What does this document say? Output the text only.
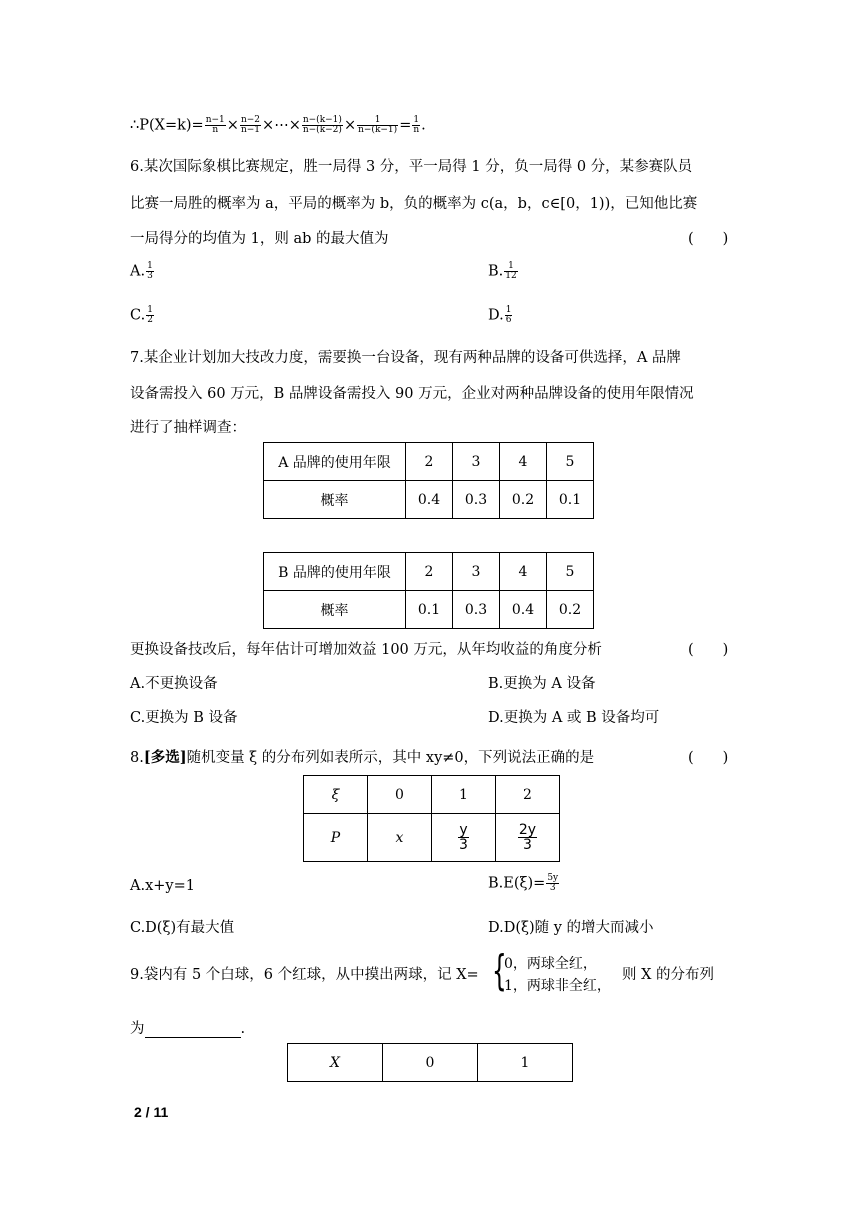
∴P(X=k)= $\frac{n-1}{n} \times \frac{n-2}{n-1}$ ×⋯× $\frac{n-(k-1)}{n-(k-2)} \times \frac{1}{n-(k-1)} = \frac{1}{n}$ .
6.某次国际象棋比赛规定，胜一局得 3 分，平一局得 1 分，负一局得 0 分，某参赛队员
比赛一局胜的概率为 a，平局的概率为 b，负的概率为 c(a，b，c∈[0，1))，已知他比赛
一局得分的均值为 1，则 ab 的最大值为	(　　)
A. $\frac{1}{3}$	B. $\frac{1}{12}$
C. $\frac{1}{2}$	D. $\frac{1}{6}$
7.某企业计划加大技改力度，需要换一台设备，现有两种品牌的设备可供选择，A 品牌
设备需投入 60 万元，B 品牌设备需投入 90 万元，企业对两种品牌设备的使用年限情况
进行了抽样调查：
A 品牌的使用年限	2	3	4	5
概率	0.4	0.3	0.2	0.1
B 品牌的使用年限	2	3	4	5
概率	0.1	0.3	0.4	0.2
更换设备技改后，每年估计可增加效益 100 万元，从年均收益的角度分析	(　　)
A.不更换设备	B.更换为 A 设备
C.更换为 B 设备	D.更换为 A 或 B 设备均可
8.[多选]随机变量 ξ 的分布列如表所示，其中 xy≠0，下列说法正确的是	(　　)
ξ	0	1	2
P	x	$\frac{y}{3}$	$\frac{2y}{3}$
A.x+y=1	$B.E(\xi)= \frac{5y}{3}$
C.D(ξ)有最大值	D.D(ξ)随 y 的增大而减小
9.袋内有 5 个白球，6 个红球，从中摸出两球，记 X= {
0，两球全红，
1，两球非全红，
则 X 的分布列
为	.
X	0	1
2 / 11
